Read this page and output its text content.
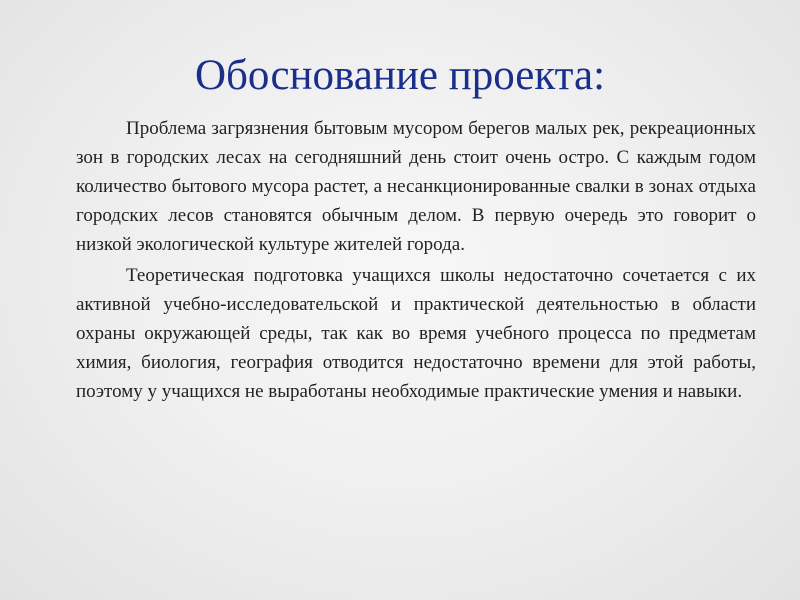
Обоснование проекта:

Проблема загрязнения бытовым мусором берегов малых рек, рекреационных зон в городских лесах на сегодняшний день стоит очень остро. С каждым годом количество бытового мусора растет, а несанкционированные свалки в зонах отдыха городских лесов становятся обычным делом. В первую очередь это говорит о низкой экологической культуре жителей города.

Теоретическая подготовка учащихся школы недостаточно сочетается с их активной учебно-исследовательской и практической деятельностью в области охраны окружающей среды, так как во время учебного процесса по предметам химия, биология, география отводится недостаточно времени для этой работы, поэтому у учащихся не выработаны необходимые практические умения и навыки.
